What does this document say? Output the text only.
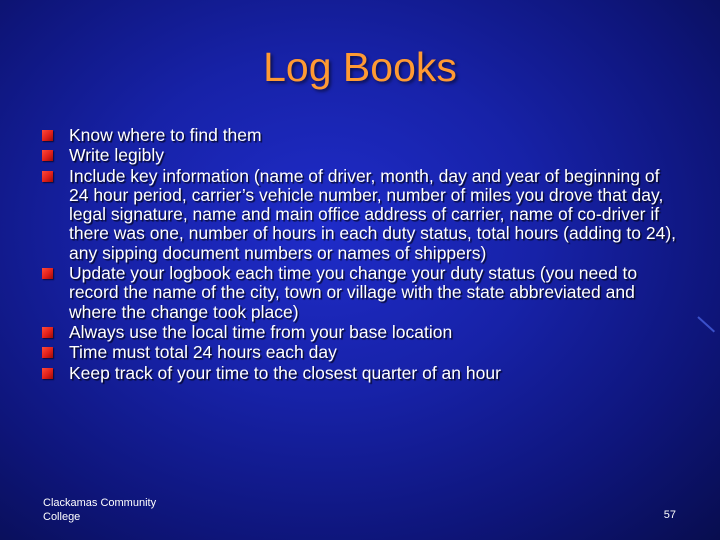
Log Books
Know where to find them
Write legibly
Include key information (name of driver, month, day and year of beginning of 24 hour period, carrier’s vehicle number, number of miles you drove that day, legal signature, name and main office address of carrier, name of co-driver if there was one, number of hours in each duty status, total hours (adding to 24), any sipping document numbers or names of shippers)
Update your logbook each time you change your duty status (you need to record the name of the city, town or village with the state abbreviated and where the change took place)
Always use the local time from your base location
Time must total 24 hours each day
Keep track of your time to the closest quarter of an hour
Clackamas Community
College	57
